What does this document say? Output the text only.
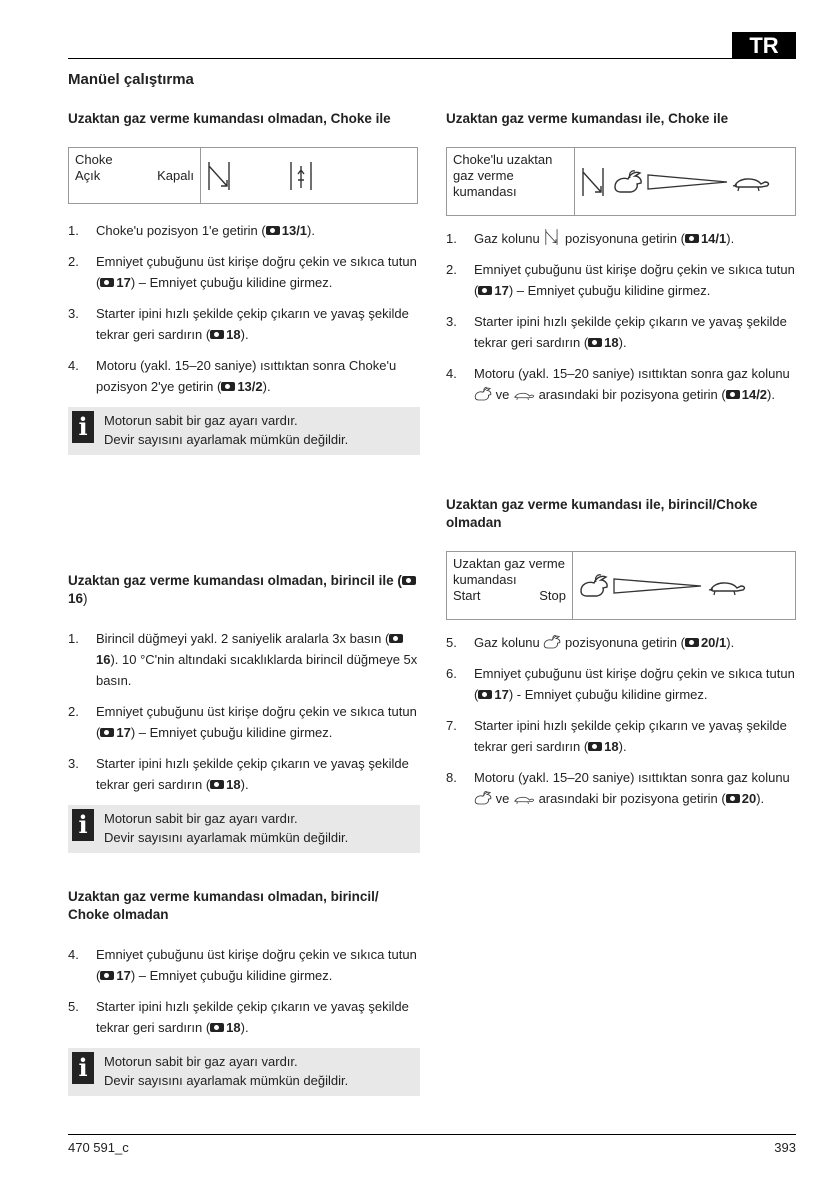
TR
Manüel çalıştırma
Uzaktan gaz verme kumandası olmadan, Choke ile
Choke
Açık	Kapalı
1. Choke'u pozisyon 1'e getirin ( 13/1).
2. Emniyet çubuğunu üst kirişe doğru çekin ve sıkıca tutun ( 17) – Emniyet çubuğu kilidine girmez.
3. Starter ipini hızlı şekilde çekip çıkarın ve yavaş şekilde tekrar geri sardırın ( 18).
4. Motoru (yakl. 15–20 saniye) ısıttıktan sonra Choke'u pozisyon 2'ye getirin ( 13/2).
i	Motorun sabit bir gaz ayarı vardır.
Devir sayısını ayarlamak mümkün değildir.
Uzaktan gaz verme kumandası olmadan, birincil ile (16)
1. Birincil düğmeyi yakl. 2 saniyelik aralarla 3x basın (16). 10 °C'nin altındaki sıcaklıklarda birincil düğmeye 5x basın.
2. Emniyet çubuğunu üst kirişe doğru çekin ve sıkıca tutun ( 17) – Emniyet çubuğu kilidine girmez.
3. Starter ipini hızlı şekilde çekip çıkarın ve yavaş şekilde tekrar geri sardırın ( 18).
i	Motorun sabit bir gaz ayarı vardır.
Devir sayısını ayarlamak mümkün değildir.
Uzaktan gaz verme kumandası olmadan, birincil/ Choke olmadan
4. Emniyet çubuğunu üst kirişe doğru çekin ve sıkıca tutun ( 17) – Emniyet çubuğu kilidine girmez.
5. Starter ipini hızlı şekilde çekip çıkarın ve yavaş şekilde tekrar geri sardırın ( 18).
i	Motorun sabit bir gaz ayarı vardır.
Devir sayısını ayarlamak mümkün değildir.
Uzaktan gaz verme kumandası ile, Choke ile
Choke'lu uzaktan gaz verme kumandası
1. Gaz kolunu  pozisyonuna getirin ( 14/1).
2. Emniyet çubuğunu üst kirişe doğru çekin ve sıkıca tutun ( 17) – Emniyet çubuğu kilidine girmez.
3. Starter ipini hızlı şekilde çekip çıkarın ve yavaş şekilde tekrar geri sardırın ( 18).
4. Motoru (yakl. 15–20 saniye) ısıttıktan sonra gaz kolunu  ve  arasındaki bir pozisyona getirin ( 14/2).
Uzaktan gaz verme kumandası ile, birincil/Choke olmadan
Uzaktan gaz verme kumandası
Start	Stop
5. Gaz kolunu  pozisyonuna getirin ( 20/1).
6. Emniyet çubuğunu üst kirişe doğru çekin ve sıkıca tutun ( 17) - Emniyet çubuğu kilidine girmez.
7. Starter ipini hızlı şekilde çekip çıkarın ve yavaş şekilde tekrar geri sardırın ( 18).
8. Motoru (yakl. 15–20 saniye) ısıttıktan sonra gaz kolunu  ve  arasındaki bir pozisyona getirin ( 20).
470 591_c	393
